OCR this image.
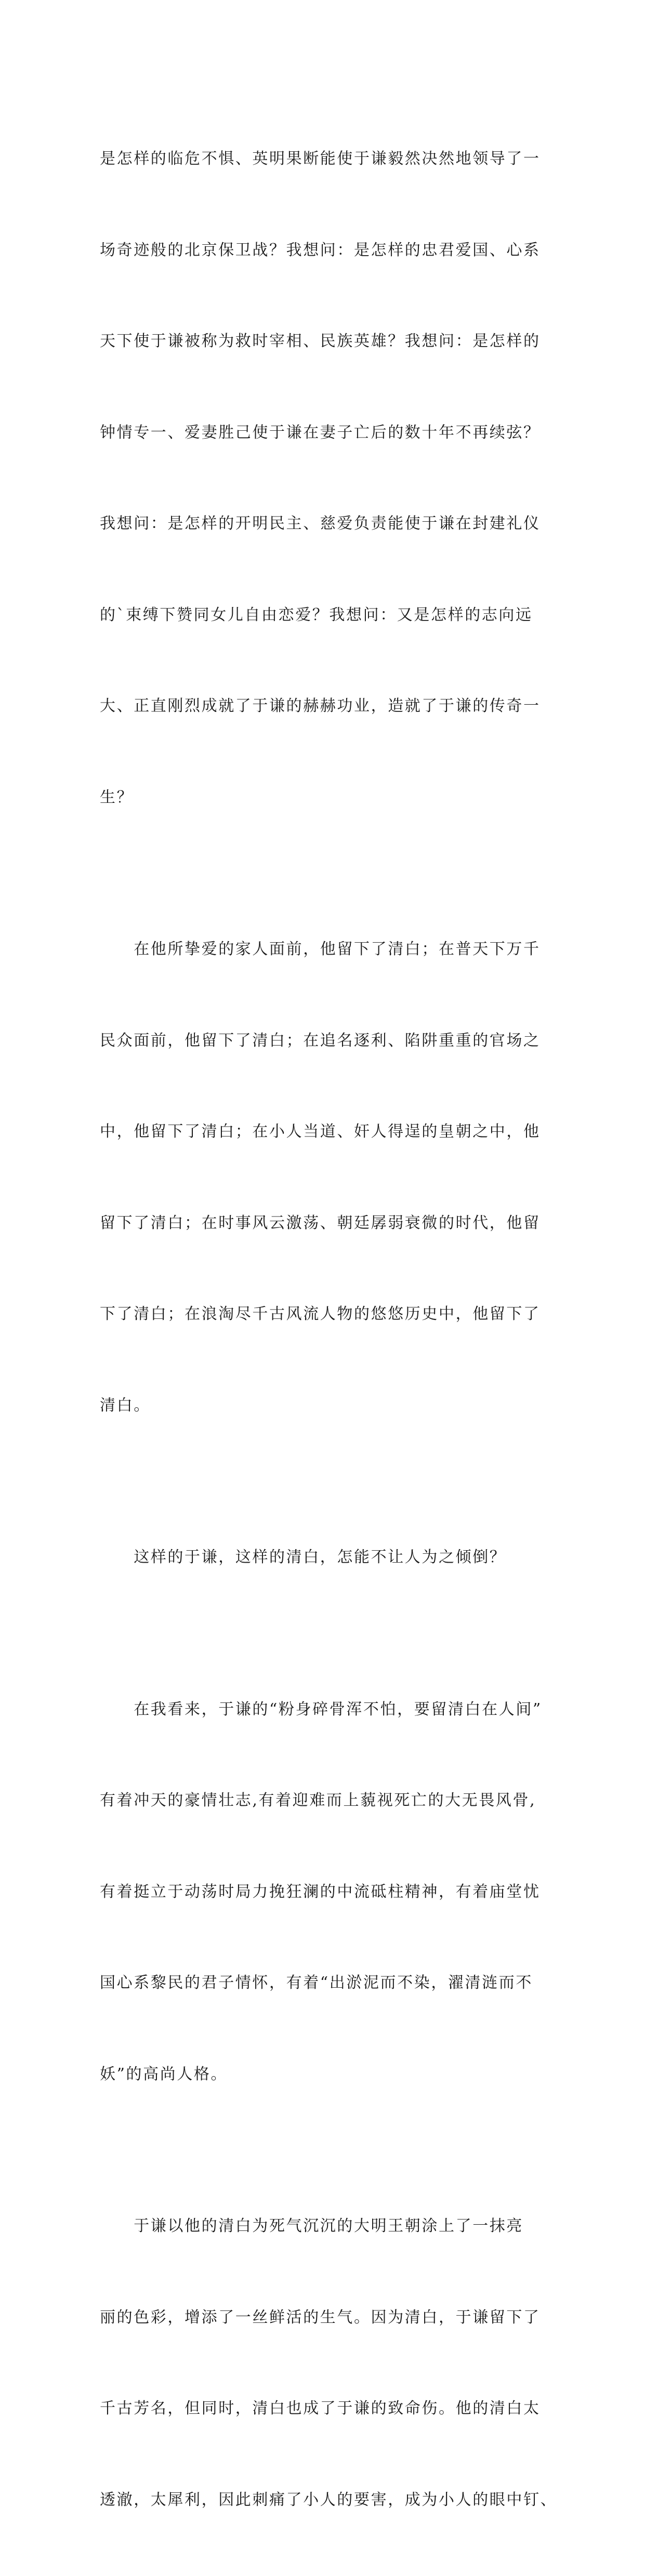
是怎样的临危不惧、英明果断能使于谦毅然决然地领导了一

场奇迹般的北京保卫战？我想问：是怎样的忠君爱国、心系

天下使于谦被称为救时宰相、民族英雄？我想问：是怎样的

钟情专一、爱妻胜己使于谦在妻子亡后的数十年不再续弦？

我想问：是怎样的开明民主、慈爱负责能使于谦在封建礼仪

的`束缚下赞同女儿自由恋爱？我想问：又是怎样的志向远

大、正直刚烈成就了于谦的赫赫功业，造就了于谦的传奇一

生？

　　在他所挚爱的家人面前，他留下了清白；在普天下万千

民众面前，他留下了清白；在追名逐利、陷阱重重的官场之

中，他留下了清白；在小人当道、奸人得逞的皇朝之中，他

留下了清白；在时事风云激荡、朝廷孱弱衰微的时代，他留

下了清白；在浪淘尽千古风流人物的悠悠历史中，他留下了

清白。

　　这样的于谦，这样的清白，怎能不让人为之倾倒？

　　在我看来，于谦的“粉身碎骨浑不怕，要留清白在人间”

有着冲天的豪情壮志,有着迎难而上藐视死亡的大无畏风骨,

有着挺立于动荡时局力挽狂澜的中流砥柱精神，有着庙堂忧

国心系黎民的君子情怀，有着“出淤泥而不染，濯清涟而不

妖”的高尚人格。

　　于谦以他的清白为死气沉沉的大明王朝涂上了一抹亮

丽的色彩，增添了一丝鲜活的生气。因为清白，于谦留下了

千古芳名，但同时，清白也成了于谦的致命伤。他的清白太

透澈，太犀利，因此刺痛了小人的要害，成为小人的眼中钉、
